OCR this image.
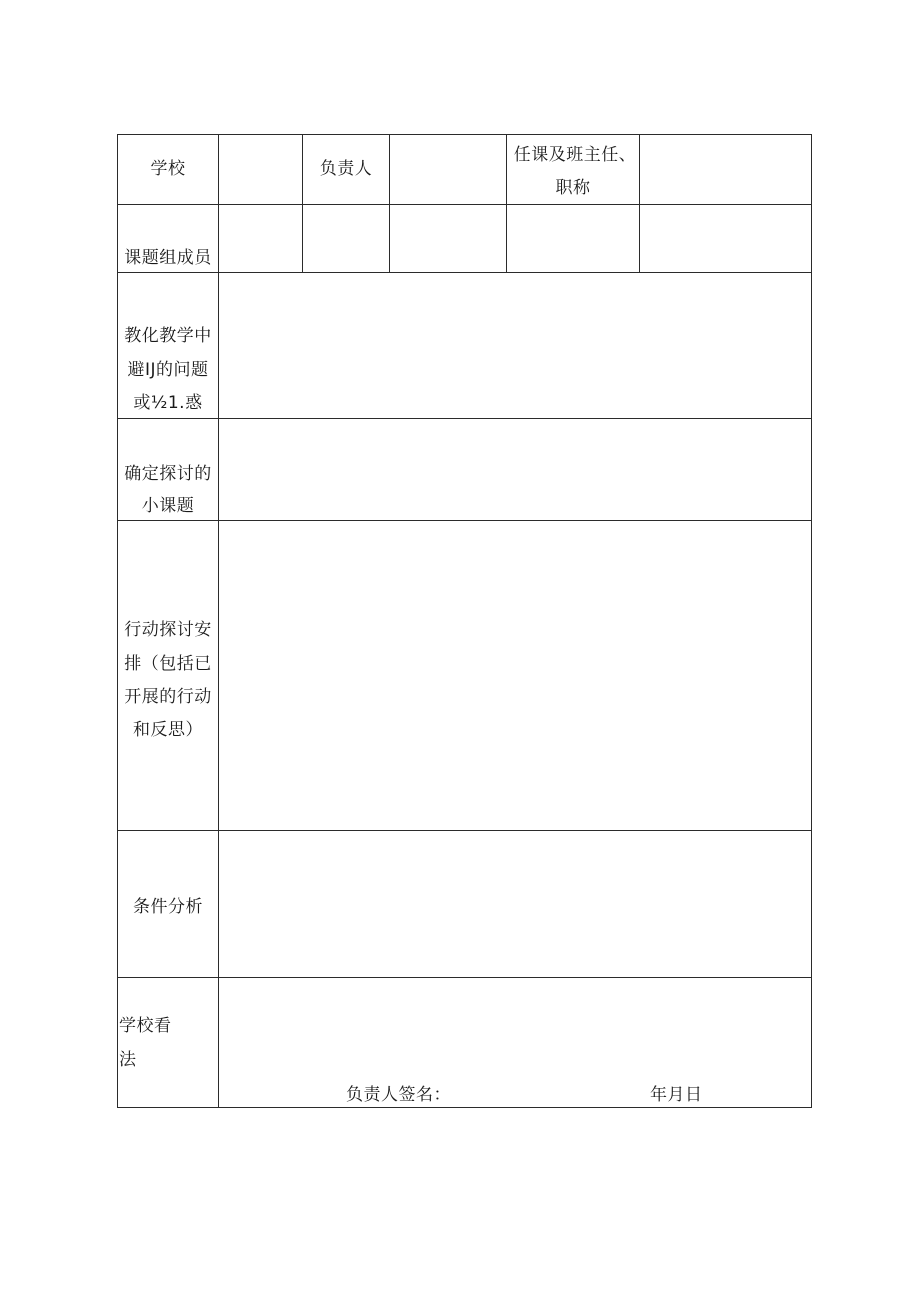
学校	负责人
任课及班主任、
职称
课题组成员
教化教学中
避IJ的问题
或½1.惑
确定探讨的
小课题
行动探讨安
排（包括已
开展的行动
和反思）
条件分析
学校看
法
负责人签名：	年月日
